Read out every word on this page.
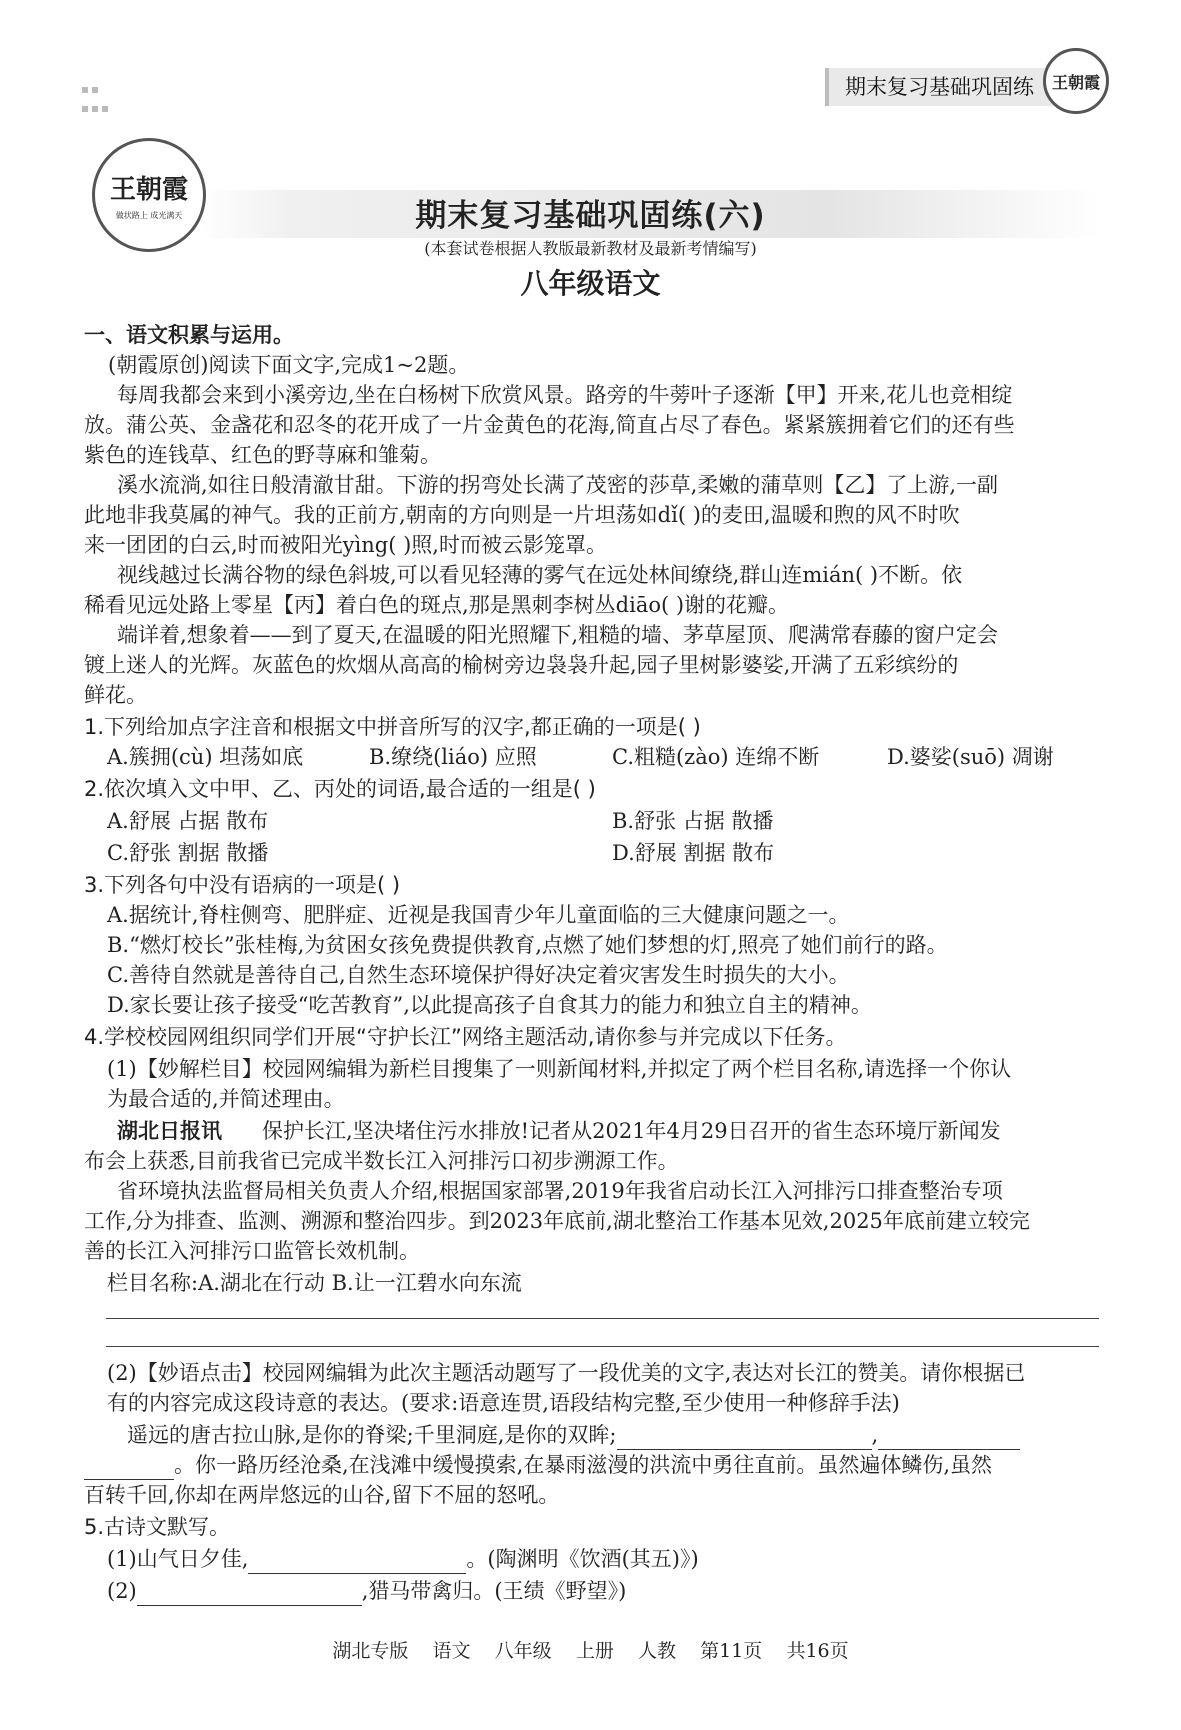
期末复习基础巩固练	王朝霞
王朝霞
做状路上 成光满天	期末复习基础巩固练(六)
(本套试卷根据人教版最新教材及最新考情编写)
八年级语文
一、语文积累与运用。
(朝霞原创)阅读下面文字,完成1~2题。
每周我都会来到小溪旁边,坐在白杨树下欣赏风景。路旁的牛蒡叶子逐渐【甲】开来,花儿也竞相绽
放。蒲公英、金盏花和忍冬的花开成了一片金黄色的花海,简直占尽了春色。紧紧簇拥着它们的还有些
紫色的连钱草、红色的野荨麻和雏菊。
溪水流淌,如往日般清澈甘甜。下游的拐弯处长满了茂密的莎草,柔嫩的蒲草则【乙】了上游,一副
此地非我莫属的神气。我的正前方,朝南的方向则是一片坦荡如dǐ( )的麦田,温暖和煦的风不时吹
来一团团的白云,时而被阳光yìng( )照,时而被云影笼罩。
视线越过长满谷物的绿色斜坡,可以看见轻薄的雾气在远处林间缭绕,群山连mián( )不断。依
稀看见远处路上零星【丙】着白色的斑点,那是黑刺李树丛diāo( )谢的花瓣。
端详着,想象着——到了夏天,在温暖的阳光照耀下,粗糙的墙、茅草屋顶、爬满常春藤的窗户定会
镀上迷人的光辉。灰蓝色的炊烟从高高的榆树旁边袅袅升起,园子里树影婆娑,开满了五彩缤纷的
鲜花。
1.下列给加点字注音和根据文中拼音所写的汉字,都正确的一项是( )
A.簇拥(cù) 坦荡如底	B.缭绕(liáo) 应照	C.粗糙(zào) 连绵不断	D.婆娑(suō) 凋谢
2.依次填入文中甲、乙、丙处的词语,最合适的一组是( )
A.舒展 占据 散布	B.舒张 占据 散播
C.舒张 割据 散播	D.舒展 割据 散布
3.下列各句中没有语病的一项是( )
A.据统计,脊柱侧弯、肥胖症、近视是我国青少年儿童面临的三大健康问题之一。
B.“燃灯校长”张桂梅,为贫困女孩免费提供教育,点燃了她们梦想的灯,照亮了她们前行的路。
C.善待自然就是善待自己,自然生态环境保护得好决定着灾害发生时损失的大小。
D.家长要让孩子接受“吃苦教育”,以此提高孩子自食其力的能力和独立自主的精神。
4.学校校园网组织同学们开展“守护长江”网络主题活动,请你参与并完成以下任务。
(1)【妙解栏目】校园网编辑为新栏目搜集了一则新闻材料,并拟定了两个栏目名称,请选择一个你认
为最合适的,并简述理由。
湖北日报讯 保护长江,坚决堵住污水排放!记者从2021年4月29日召开的省生态环境厅新闻发
布会上获悉,目前我省已完成半数长江入河排污口初步溯源工作。
省环境执法监督局相关负责人介绍,根据国家部署,2019年我省启动长江入河排污口排查整治专项
工作,分为排查、监测、溯源和整治四步。到2023年底前,湖北整治工作基本见效,2025年底前建立较完
善的长江入河排污口监管长效机制。
栏目名称:A.湖北在行动 B.让一江碧水向东流
(2)【妙语点击】校园网编辑为此次主题活动题写了一段优美的文字,表达对长江的赞美。请你根据已
有的内容完成这段诗意的表达。(要求:语意连贯,语段结构完整,至少使用一种修辞手法)
遥远的唐古拉山脉,是你的脊梁;千里洞庭,是你的双眸;	,
。你一路历经沧桑,在浅滩中缓慢摸索,在暴雨滋漫的洪流中勇往直前。虽然遍体鳞伤,虽然
百转千回,你却在两岸悠远的山谷,留下不屈的怒吼。
5.古诗文默写。
(1)山气日夕佳,	。(陶渊明《饮酒(其五)》)
(2)	,猎马带禽归。(王绩《野望》)
湖北专版    语文    八年级    上册    人教    第11页    共16页
